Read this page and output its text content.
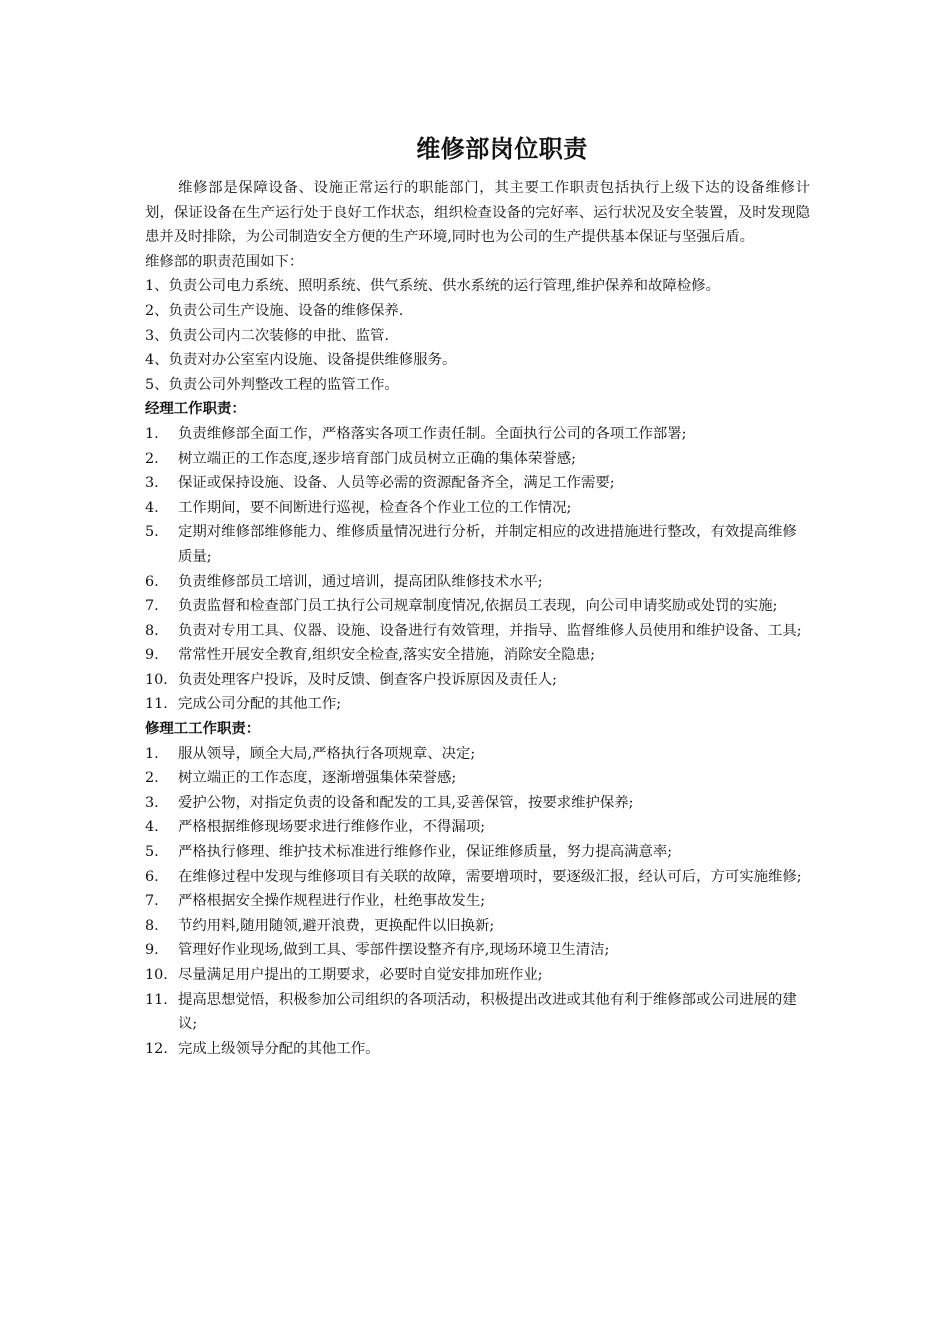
维修部岗位职责

维修部是保障设备、设施正常运行的职能部门，其主要工作职责包括执行上级下达的设备维修计划，保证设备在生产运行处于良好工作状态，组织检查设备的完好率、运行状况及安全装置，及时发现隐患并及时排除，为公司制造安全方便的生产环境,同时也为公司的生产提供基本保证与坚强后盾。

维修部的职责范围如下：

1、负责公司电力系统、照明系统、供气系统、供水系统的运行管理,维护保养和故障检修。
2、负责公司生产设施、设备的维修保养.
3、负责公司内二次装修的申批、监管.
4、负责对办公室室内设施、设备提供维修服务。
5、负责公司外判整改工程的监管工作。

经理工作职责：

1. 负责维修部全面工作，严格落实各项工作责任制。全面执行公司的各项工作部署;
2. 树立端正的工作态度,逐步培育部门成员树立正确的集体荣誉感;
3. 保证或保持设施、设备、人员等必需的资源配备齐全，满足工作需要;
4. 工作期间，要不间断进行巡视，检查各个作业工位的工作情况;
5. 定期对维修部维修能力、维修质量情况进行分析，并制定相应的改进措施进行整改，有效提高维修质量;
6. 负责维修部员工培训，通过培训，提高团队维修技术水平;
7. 负责监督和检查部门员工执行公司规章制度情况,依据员工表现，向公司申请奖励或处罚的实施;
8. 负责对专用工具、仪器、设施、设备进行有效管理，并指导、监督维修人员使用和维护设备、工具;
9. 常常性开展安全教育,组织安全检查,落实安全措施，消除安全隐患;
10. 负责处理客户投诉，及时反馈、倒查客户投诉原因及责任人;
11. 完成公司分配的其他工作;

修理工工作职责：

1. 服从领导，顾全大局,严格执行各项规章、决定;
2. 树立端正的工作态度，逐渐增强集体荣誉感;
3. 爱护公物，对指定负责的设备和配发的工具,妥善保管，按要求维护保养;
4. 严格根据维修现场要求进行维修作业，不得漏项;
5. 严格执行修理、维护技术标准进行维修作业，保证维修质量，努力提高满意率;
6. 在维修过程中发现与维修项目有关联的故障，需要增项时，要逐级汇报，经认可后，方可实施维修;
7. 严格根据安全操作规程进行作业，杜绝事故发生;
8. 节约用料,随用随领,避开浪费，更换配件以旧换新;
9. 管理好作业现场,做到工具、零部件摆设整齐有序,现场环境卫生清洁;
10. 尽量满足用户提出的工期要求，必要时自觉安排加班作业;
11. 提高思想觉悟，积极参加公司组织的各项活动，积极提出改进或其他有利于维修部或公司进展的建议;
12. 完成上级领导分配的其他工作。
